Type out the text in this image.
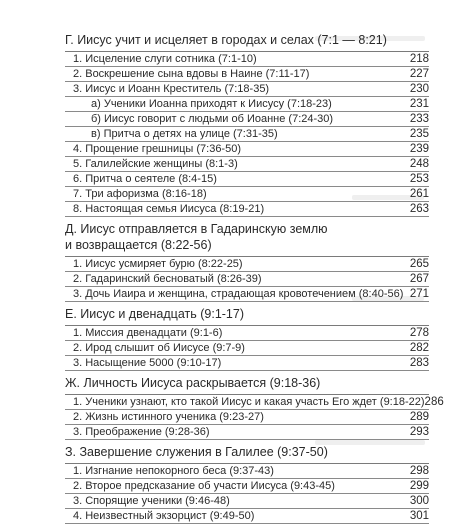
Г. Иисус учит и исцеляет в городах и селах (7:1 — 8:21)
1. Исцеление слуги сотника (7:1-10)	218
2. Воскрешение сына вдовы в Наине (7:11-17)	227
3. Иисус и Иоанн Креститель (7:18-35)	230
а) Ученики Иоанна приходят к Иисусу (7:18-23)	231
б) Иисус говорит с людьми об Иоанне (7:24-30)	233
в) Притча о детях на улице (7:31-35)	235
4. Прощение грешницы (7:36-50)	239
5. Галилейские женщины (8:1-3)	248
6. Притча о сеятеле (8:4-15)	253
7. Три афоризма (8:16-18)	261
8. Настоящая семья Иисуса (8:19-21)	263
Д. Иисус отправляется в Гадаринскую землю
и возвращается (8:22-56)
1. Иисус усмиряет бурю (8:22-25)	265
2. Гадаринский бесноватый (8:26-39)	267
3. Дочь Иаира и женщина, страдающая кровотечением (8:40-56) 271
Е. Иисус и двенадцать (9:1-17)
1. Миссия двенадцати (9:1-6)	278
2. Ирод слышит об Иисусе (9:7-9)	282
3. Насыщение 5000 (9:10-17)	283
Ж. Личность Иисуса раскрывается (9:18-36)
1. Ученики узнают, кто такой Иисус и какая участь Его ждет (9:18-22) 286
2. Жизнь истинного ученика (9:23-27)	289
3. Преображение (9:28-36)	293
З. Завершение служения в Галилее (9:37-50)
1. Изгнание непокорного беса (9:37-43)	298
2. Второе предсказание об участи Иисуса (9:43-45)	299
3. Спорящие ученики (9:46-48)	300
4. Неизвестный экзорцист (9:49-50)	301
